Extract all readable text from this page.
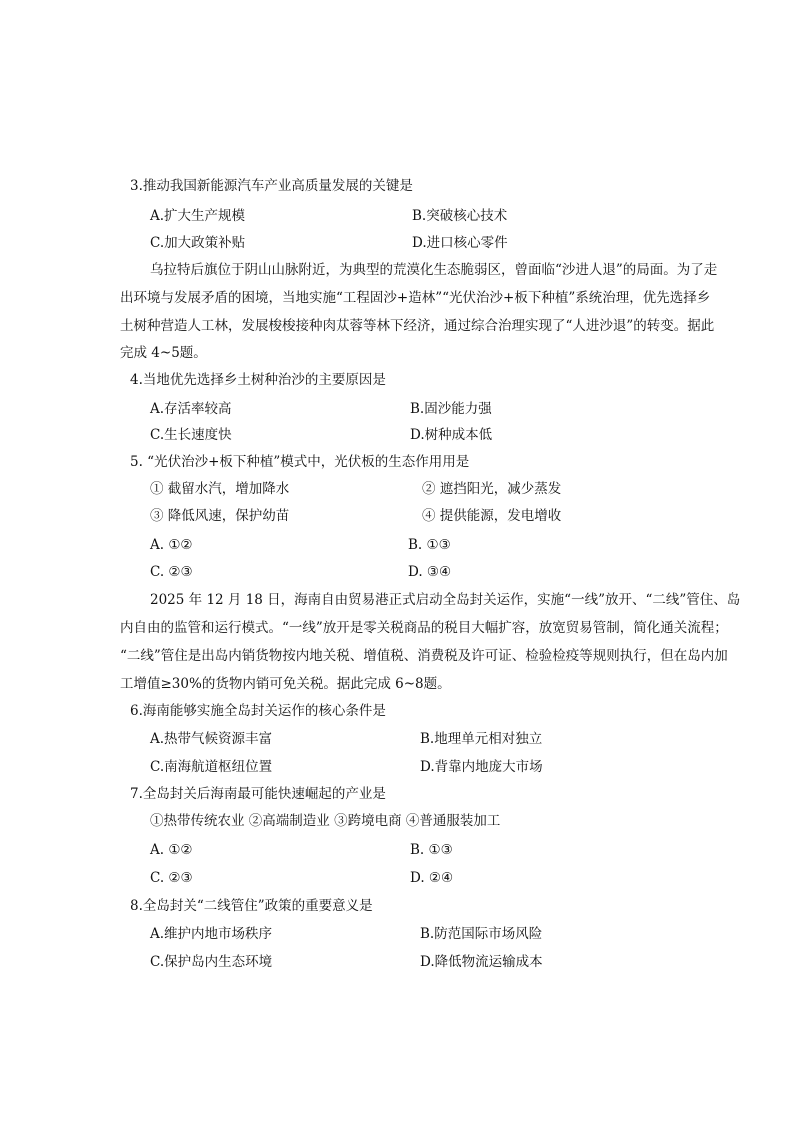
3.推动我国新能源汽车产业高质量发展的关键是
A.扩大生产规模	B.突破核心技术
C.加大政策补贴	D.进口核心零件
乌拉特后旗位于阴山山脉附近，为典型的荒漠化生态脆弱区，曾面临“沙进人退”的局面。为了走
出环境与发展矛盾的困境，当地实施“工程固沙+造林”“光伏治沙+板下种植”系统治理，优先选择乡
土树种营造人工林，发展梭梭接种肉苁蓉等林下经济，通过综合治理实现了“人进沙退”的转变。据此
完成 4~5题。
4.当地优先选择乡土树种治沙的主要原因是
A.存活率较高	B.固沙能力强
C.生长速度快	D.树种成本低
5. “光伏治沙+板下种植”模式中，光伏板的生态作用用是
① 截留水汽，增加降水	② 遮挡阳光，减少蒸发
③ 降低风速，保护幼苗	④ 提供能源，发电增收
A. ①②	B. ①③
C. ②③	D. ③④
2025 年 12 月 18 日，海南自由贸易港正式启动全岛封关运作，实施“一线”放开、“二线”管住、岛
内自由的监管和运行模式。“一线”放开是零关税商品的税目大幅扩容，放宽贸易管制，简化通关流程；
“二线”管住是出岛内销货物按内地关税、增值税、消费税及许可证、检验检疫等规则执行，但在岛内加
工增值≥30%的货物内销可免关税。据此完成 6~8题。
6.海南能够实施全岛封关运作的核心条件是
A.热带气候资源丰富	B.地理单元相对独立
C.南海航道枢纽位置	D.背靠内地庞大市场
7.全岛封关后海南最可能快速崛起的产业是
①热带传统农业 ②高端制造业 ③跨境电商 ④普通服装加工
A. ①②	B. ①③
C. ②③	D. ②④
8.全岛封关“二线管住”政策的重要意义是
A.维护内地市场秩序	B.防范国际市场风险
C.保护岛内生态环境	D.降低物流运输成本
